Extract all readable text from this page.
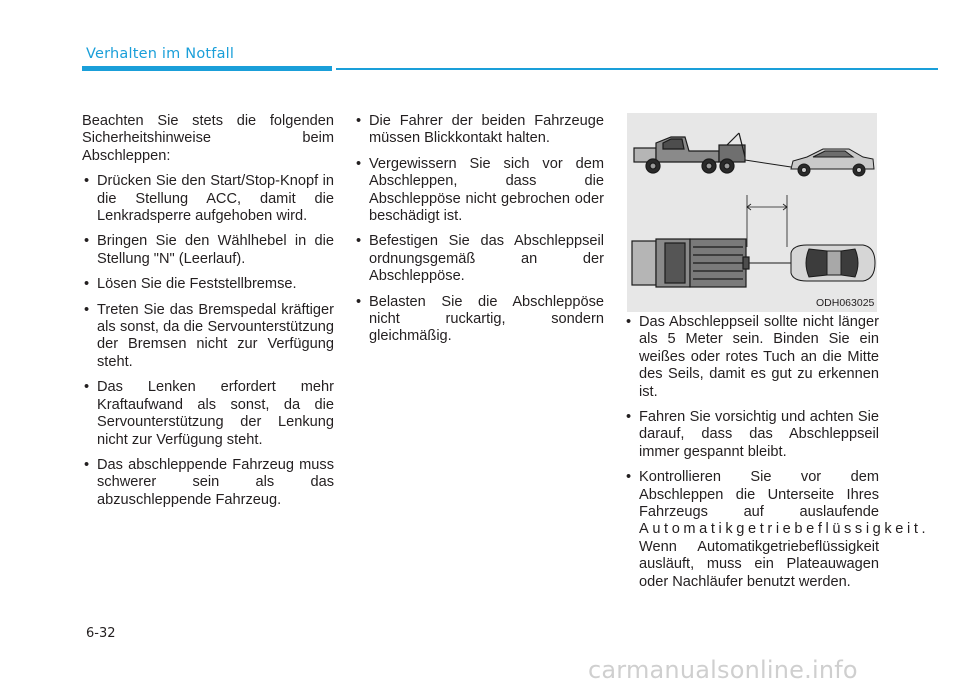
Verhalten im Notfall

Beachten Sie stets die folgenden Sicherheitshinweise beim Abschleppen:

• Drücken Sie den Start/Stop-Knopf in die Stellung ACC, damit die Lenkradsperre aufgehoben wird.
• Bringen Sie den Wählhebel in die Stellung "N" (Leerlauf).
• Lösen Sie die Feststellbremse.
• Treten Sie das Bremspedal kräftiger als sonst, da die Servounterstützung der Bremsen nicht zur Verfügung steht.
• Das Lenken erfordert mehr Kraftaufwand als sonst, da die Servounterstützung der Lenkung nicht zur Verfügung steht.
• Das abschleppende Fahrzeug muss schwerer sein als das abzuschleppende Fahrzeug.
• Die Fahrer der beiden Fahrzeuge müssen Blickkontakt halten.
• Vergewissern Sie sich vor dem Abschleppen, dass die Abschleppöse nicht gebrochen oder beschädigt ist.
• Befestigen Sie das Abschleppseil ordnungsgemäß an der Abschleppöse.
• Belasten Sie die Abschleppöse nicht ruckartig, sondern gleichmäßig.
ODH063025
• Das Abschleppseil sollte nicht länger als 5 Meter sein. Binden Sie ein weißes oder rotes Tuch an die Mitte des Seils, damit es gut zu erkennen ist.
• Fahren Sie vorsichtig und achten Sie darauf, dass das Abschleppseil immer gespannt bleibt.
• Kontrollieren Sie vor dem Abschleppen die Unterseite Ihres Fahrzeugs auf auslaufende Automatikgetriebeflüssigkeit. Wenn Automatikgetriebeflüssigkeit ausläuft, muss ein Plateauwagen oder Nachläufer benutzt werden.
6-32
carmanualsonline.info
